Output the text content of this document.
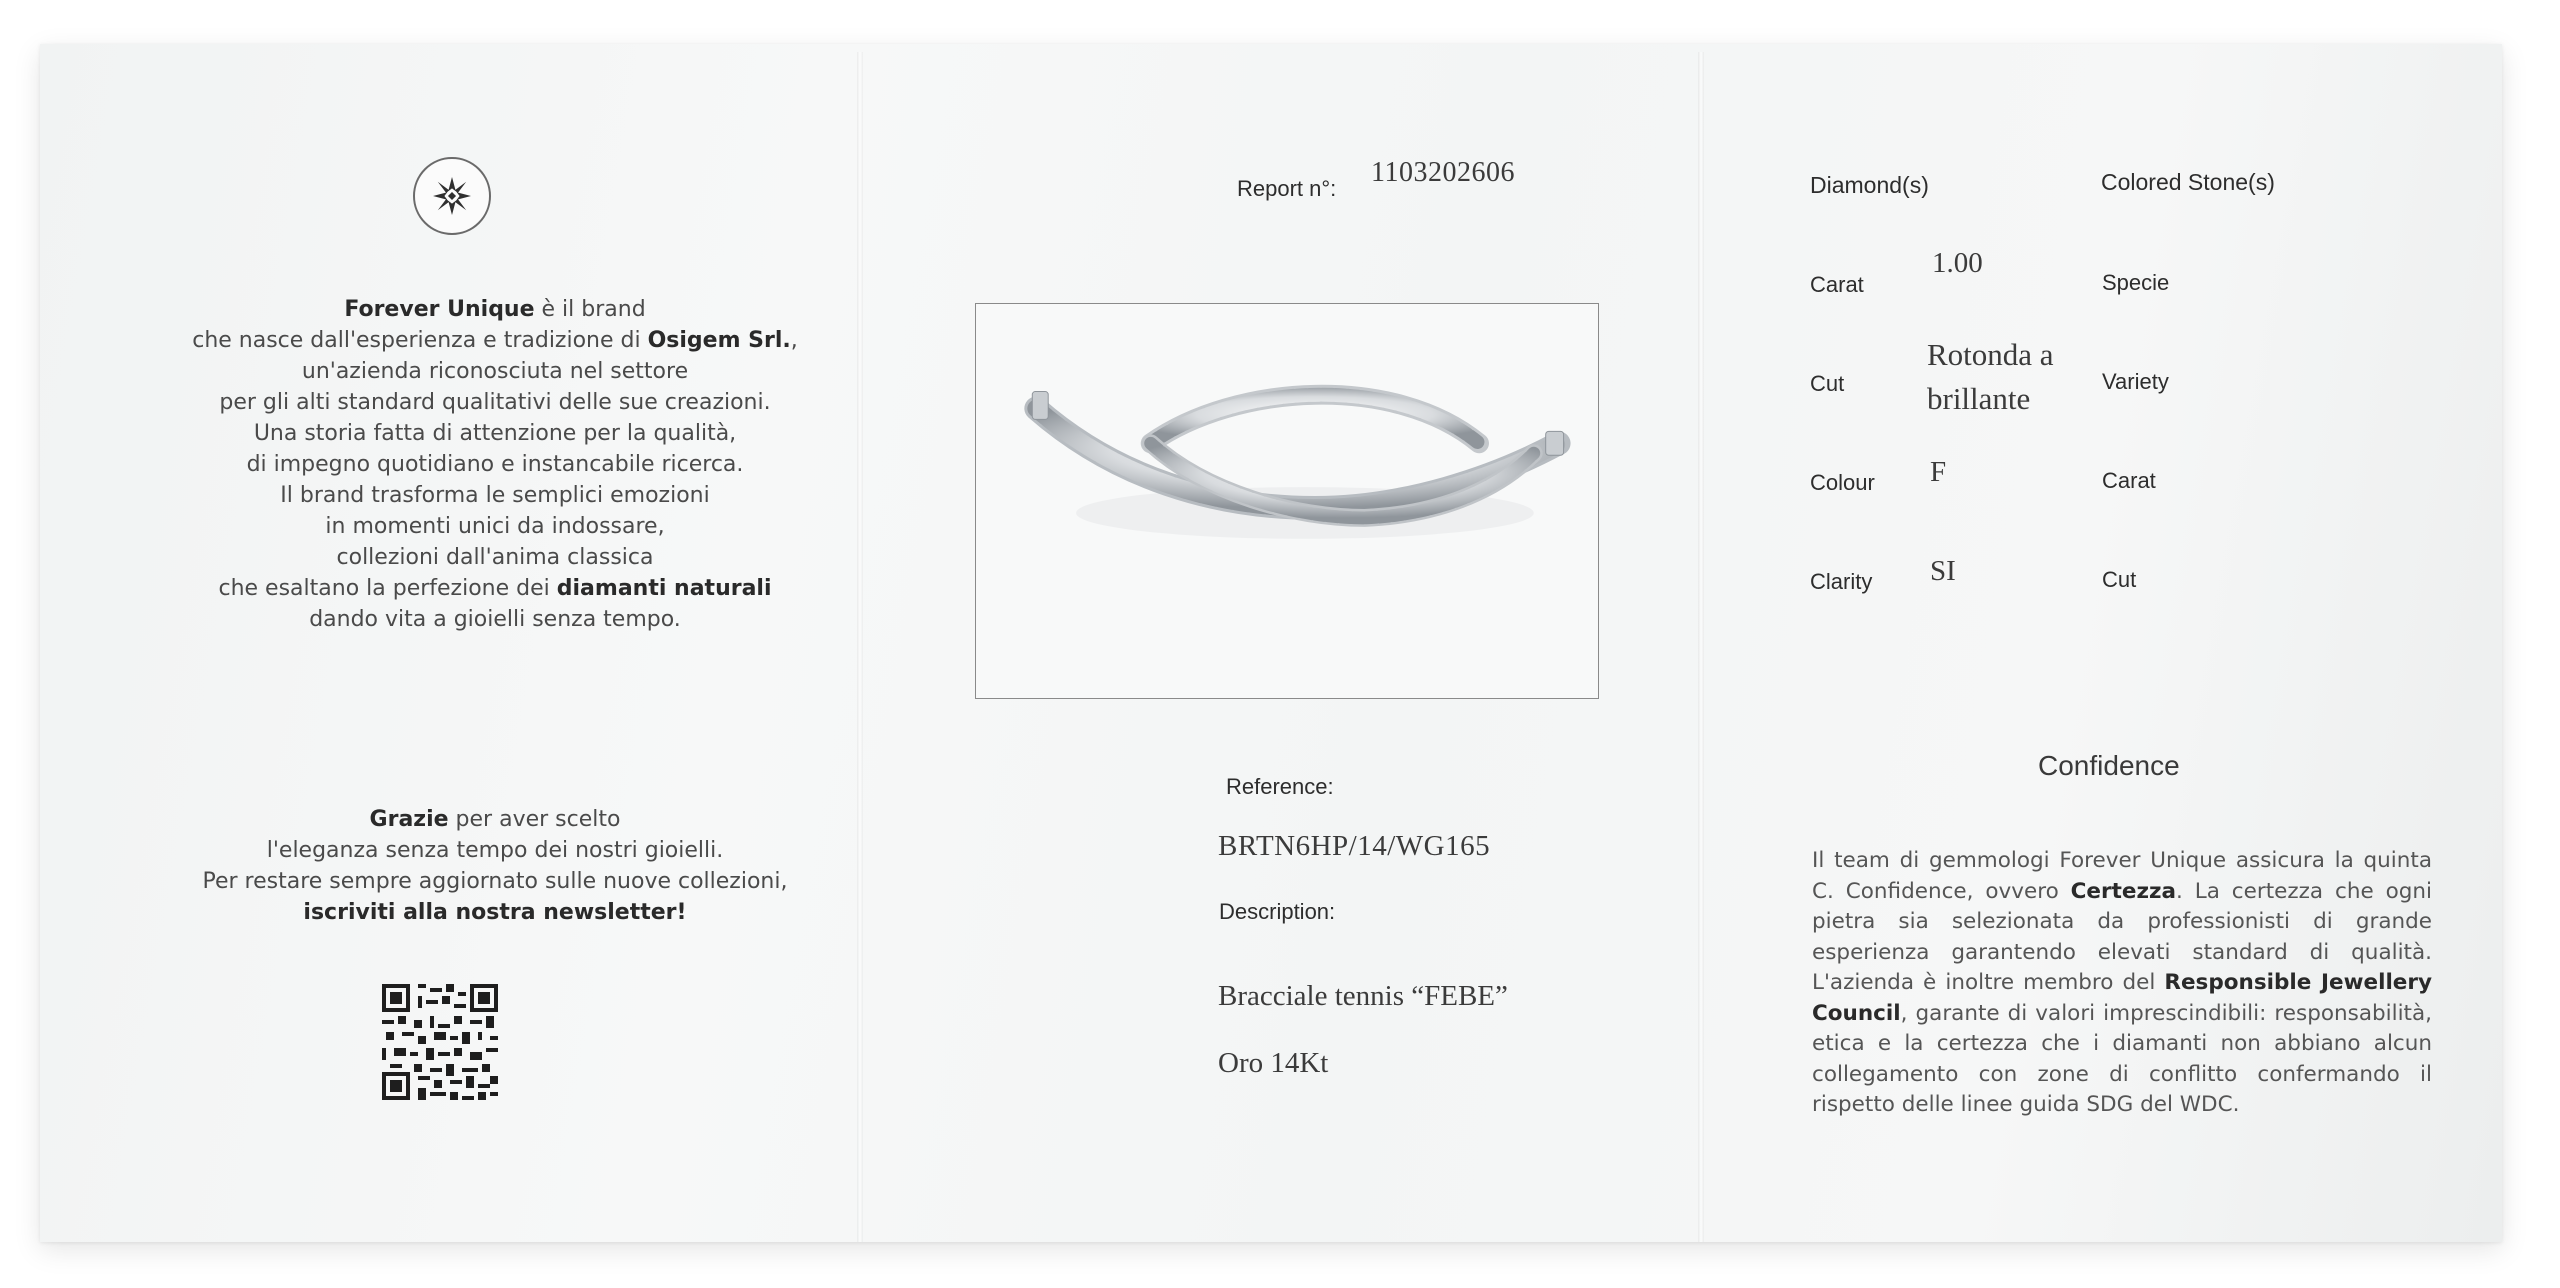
Forever Unique è il brand
che nasce dall'esperienza e tradizione di Osigem Srl.,
un'azienda riconosciuta nel settore
per gli alti standard qualitativi delle sue creazioni.
Una storia fatta di attenzione per la qualità,
di impegno quotidiano e instancabile ricerca.
Il brand trasforma le semplici emozioni
in momenti unici da indossare,
collezioni dall'anima classica
che esaltano la perfezione dei diamanti naturali
dando vita a gioielli senza tempo.
Grazie per aver scelto
l'eleganza senza tempo dei nostri gioielli.
Per restare sempre aggiornato sulle nuove collezioni,
iscriviti alla nostra newsletter!
Report n°:
1103202606
Reference:
BRTN6HP/14/WG165
Description:
Bracciale tennis “FEBE”
Oro 14Kt
Diamond(s)	Colored Stone(s)
Carat
1.00
Cut
Rotonda a
brillante
Colour F
Clarity SI
Specie
Variety
Carat
Cut
Confidence
Il team di gemmologi Forever Unique assicura la quinta C. Confidence, ovvero Certezza. La certezza che ogni pietra sia selezionata da professionisti di grande esperienza garantendo elevati standard di qualità. L'azienda è inoltre membro del Responsible Jewellery Council, garante di valori imprescindibili: responsabilità, etica e la certezza che i diamanti non abbiano alcun collegamento con zone di conflitto confermando il rispetto delle linee guida SDG del WDC.
